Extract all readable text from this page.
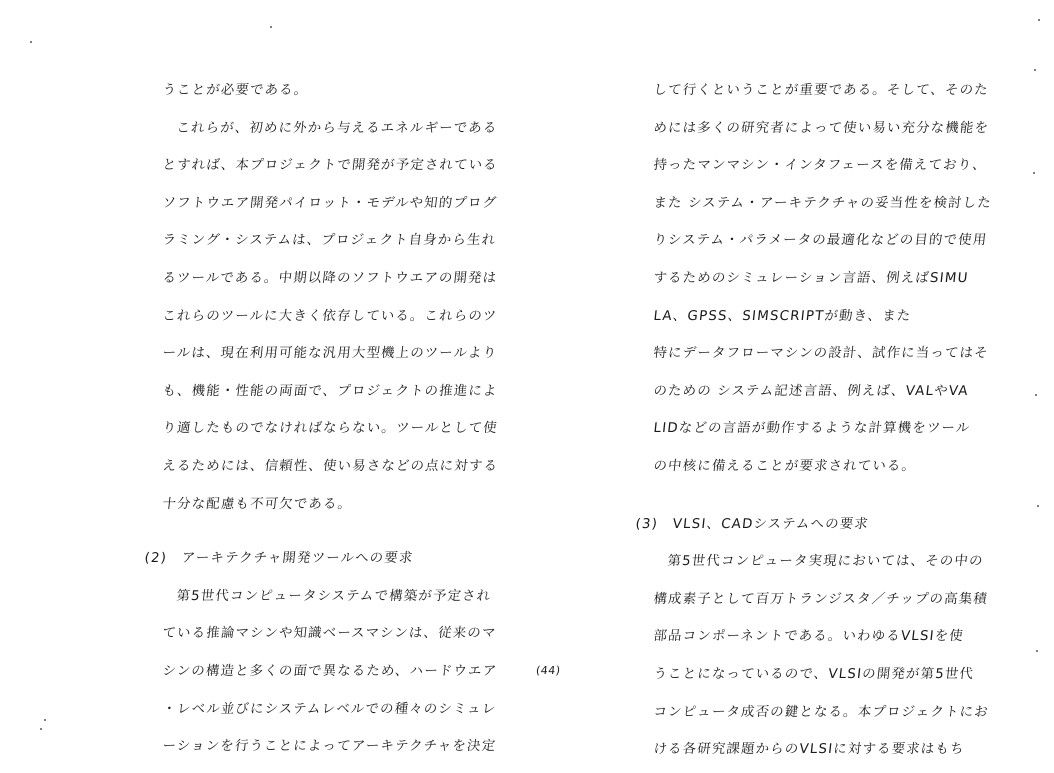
うことが必要である。
これらが、初めに外から与えるエネルギーである
とすれば、本プロジェクトで開発が予定されている
ソフトウエア開発パイロット・モデルや知的プログ
ラミング・システムは、プロジェクト自身から生れ
るツールである。中期以降のソフトウエアの開発は
これらのツールに大きく依存している。これらのツ
ールは、現在利用可能な汎用大型機上のツールより
も、機能・性能の両面で、プロジェクトの推進によ
り適したものでなければならない。ツールとして使
えるためには、信頼性、使い易さなどの点に対する
十分な配慮も不可欠である。
(2)　アーキテクチャ開発ツールへの要求
第5世代コンピュータシステムで構築が予定され
ている推論マシンや知識ベースマシンは、従来のマ
シンの構造と多くの面で異なるため、ハードウエア
・レベル並びにシステムレベルでの種々のシミュレ
ーションを行うことによってアーキテクチャを決定
して行くということが重要である。そして、そのた
めには多くの研究者によって使い易い充分な機能を
持ったマンマシン・インタフェースを備えており、
また システム・アーキテクチャの妥当性を検討した
りシステム・パラメータの最適化などの目的で使用
するためのシミュレーション言語、例えばSIMU
LA、GPSS、SIMSCRIPTが動き、また
特にデータフローマシンの設計、試作に当ってはそ
のための システム記述言語、例えば、VALやVA
LIDなどの言語が動作するような計算機をツール
の中核に備えることが要求されている。
(3)　VLSI、CADシステムへの要求
第5世代コンピュータ実現においては、その中の
構成素子として百万トランジスタ／チップの高集積
部品コンポーネントである。いわゆるVLSIを使
うことになっているので、VLSIの開発が第5世代
コンピュータ成否の鍵となる。本プロジェクトにお
ける各研究課題からのVLSIに対する要求はもち
(44)
